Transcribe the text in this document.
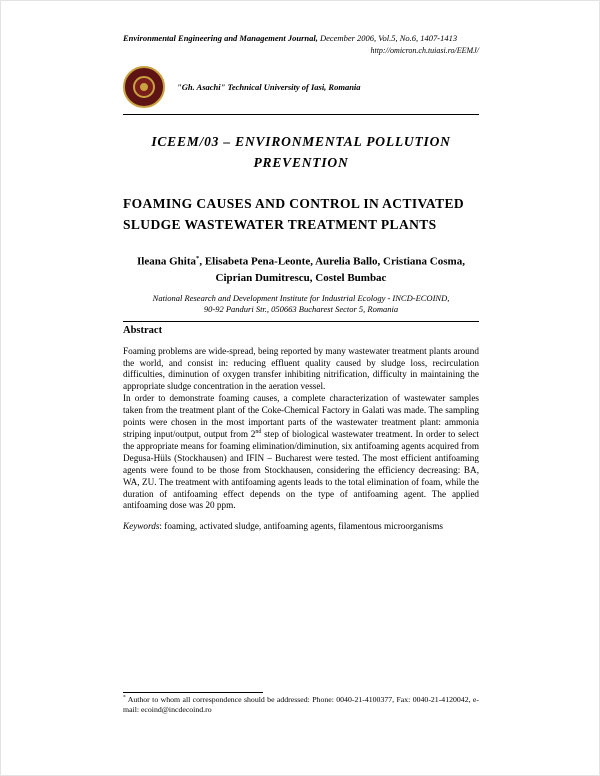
Environmental Engineering and Management Journal, December 2006, Vol.5, No.6, 1407-1413
http://omicron.ch.tuiasi.ro/EEMJ/
"Gh. Asachi" Technical University of Iasi, Romania
ICEEM/03 – ENVIRONMENTAL POLLUTION PREVENTION
FOAMING CAUSES AND CONTROL IN ACTIVATED SLUDGE WASTEWATER TREATMENT PLANTS
Ileana Ghita*, Elisabeta Pena-Leonte, Aurelia Ballo, Cristiana Cosma, Ciprian Dumitrescu, Costel Bumbac
National Research and Development Institute for Industrial Ecology - INCD-ECOIND,
90-92 Panduri Str., 050663 Bucharest Sector 5, Romania
Abstract

Foaming problems are wide-spread, being reported by many wastewater treatment plants around the world, and consist in: reducing effluent quality caused by sludge loss, recirculation difficulties, diminution of oxygen transfer inhibiting nitrification, difficulty in maintaining the appropriate sludge concentration in the aeration vessel.

In order to demonstrate foaming causes, a complete characterization of wastewater samples taken from the treatment plant of the Coke-Chemical Factory in Galati was made. The sampling points were chosen in the most important parts of the wastewater treatment plant: ammonia striping input/output, output from 2nd step of biological wastewater treatment. In order to select the appropriate means for foaming elimination/diminution, six antifoaming agents acquired from Degusa-Hüls (Stockhausen) and IFIN – Bucharest were tested. The most efficient antifoaming agents were found to be those from Stockhausen, considering the efficiency decreasing: BA, WA, ZU. The treatment with antifoaming agents leads to the total elimination of foam, while the duration of antifoaming effect depends on the type of antifoaming agent. The applied antifoaming dose was 20 ppm.

Keywords: foaming, activated sludge, antifoaming agents, filamentous microorganisms

* Author to whom all correspondence should be addressed: Phone: 0040-21-4100377, Fax: 0040-21-4120042, e-mail: ecoind@incdecoind.ro
